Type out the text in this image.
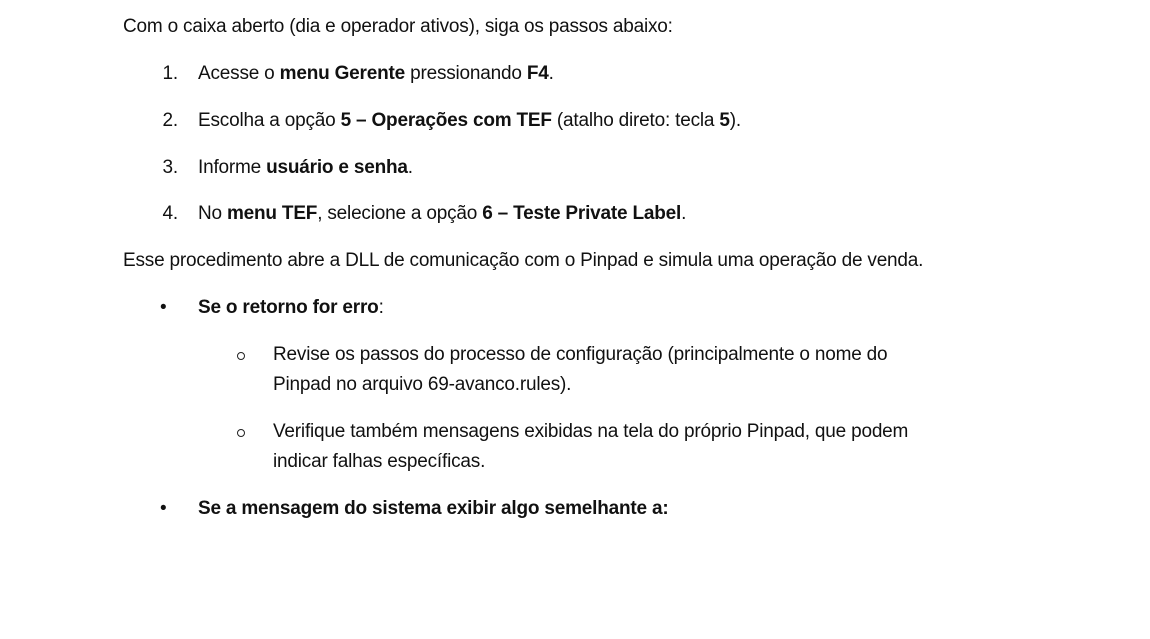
Com o caixa aberto (dia e operador ativos), siga os passos abaixo:
1. Acesse o menu Gerente pressionando F4.
2. Escolha a opção 5 – Operações com TEF (atalho direto: tecla 5).
3. Informe usuário e senha.
4. No menu TEF, selecione a opção 6 – Teste Private Label.
Esse procedimento abre a DLL de comunicação com o Pinpad e simula uma operação de venda.
• Se o retorno for erro:
Revise os passos do processo de configuração (principalmente o nome do
Pinpad no arquivo 69-avanco.rules).
Verifique também mensagens exibidas na tela do próprio Pinpad, que podem
indicar falhas específicas.
• Se a mensagem do sistema exibir algo semelhante a:
